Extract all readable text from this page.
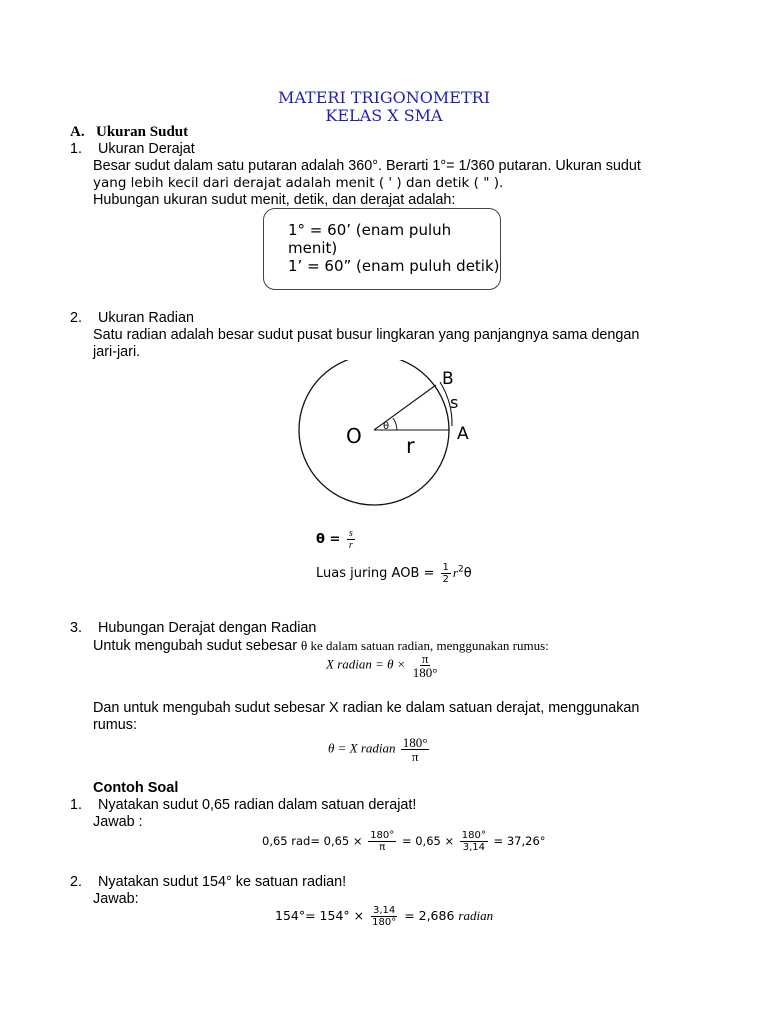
MATERI TRIGONOMETRI
KELAS X SMA
A. Ukuran Sudut
1. Ukuran Derajat
Besar sudut dalam satu putaran adalah 360°. Berarti 1°= 1/360 putaran. Ukuran sudut
yang lebih kecil dari derajat adalah menit ( ' ) dan detik ( " ).
Hubungan ukuran sudut menit, detik, dan derajat adalah:
1° = 60’ (enam puluh menit)
1’ = 60” (enam puluh detik)
2. Ukuran Radian
Satu radian adalah besar sudut pusat busur lingkaran yang panjangnya sama dengan
jari-jari.
θ
B
s
O	A
r
$\theta = \frac{s}{r}$
Luas juring AOB = $\frac{1}{2} r^2\theta$
3. Hubungan Derajat dengan Radian
Untuk mengubah sudut sebesar θ ke dalam satuan radian, menggunakan rumus:
X radian = $\theta \times \frac{\pi}{180^\circ}$
Dan untuk mengubah sudut sebesar X radian ke dalam satuan derajat, menggunakan
rumus:
θ = X radian $\frac{180^\circ}{\pi}$
Contoh Soal
1. Nyatakan sudut 0,65 radian dalam satuan derajat!
Jawab :
0,65 $rad= 0,65 \times \frac{180^\circ}{\pi} = 0,65 \times \frac{180^\circ}{3,14} = 37,26^\circ$
2. Nyatakan sudut 154° ke satuan radian!
Jawab:
$154^\circ= 154^\circ \times \frac{3,14}{180^\circ} = 2,686$ radian
